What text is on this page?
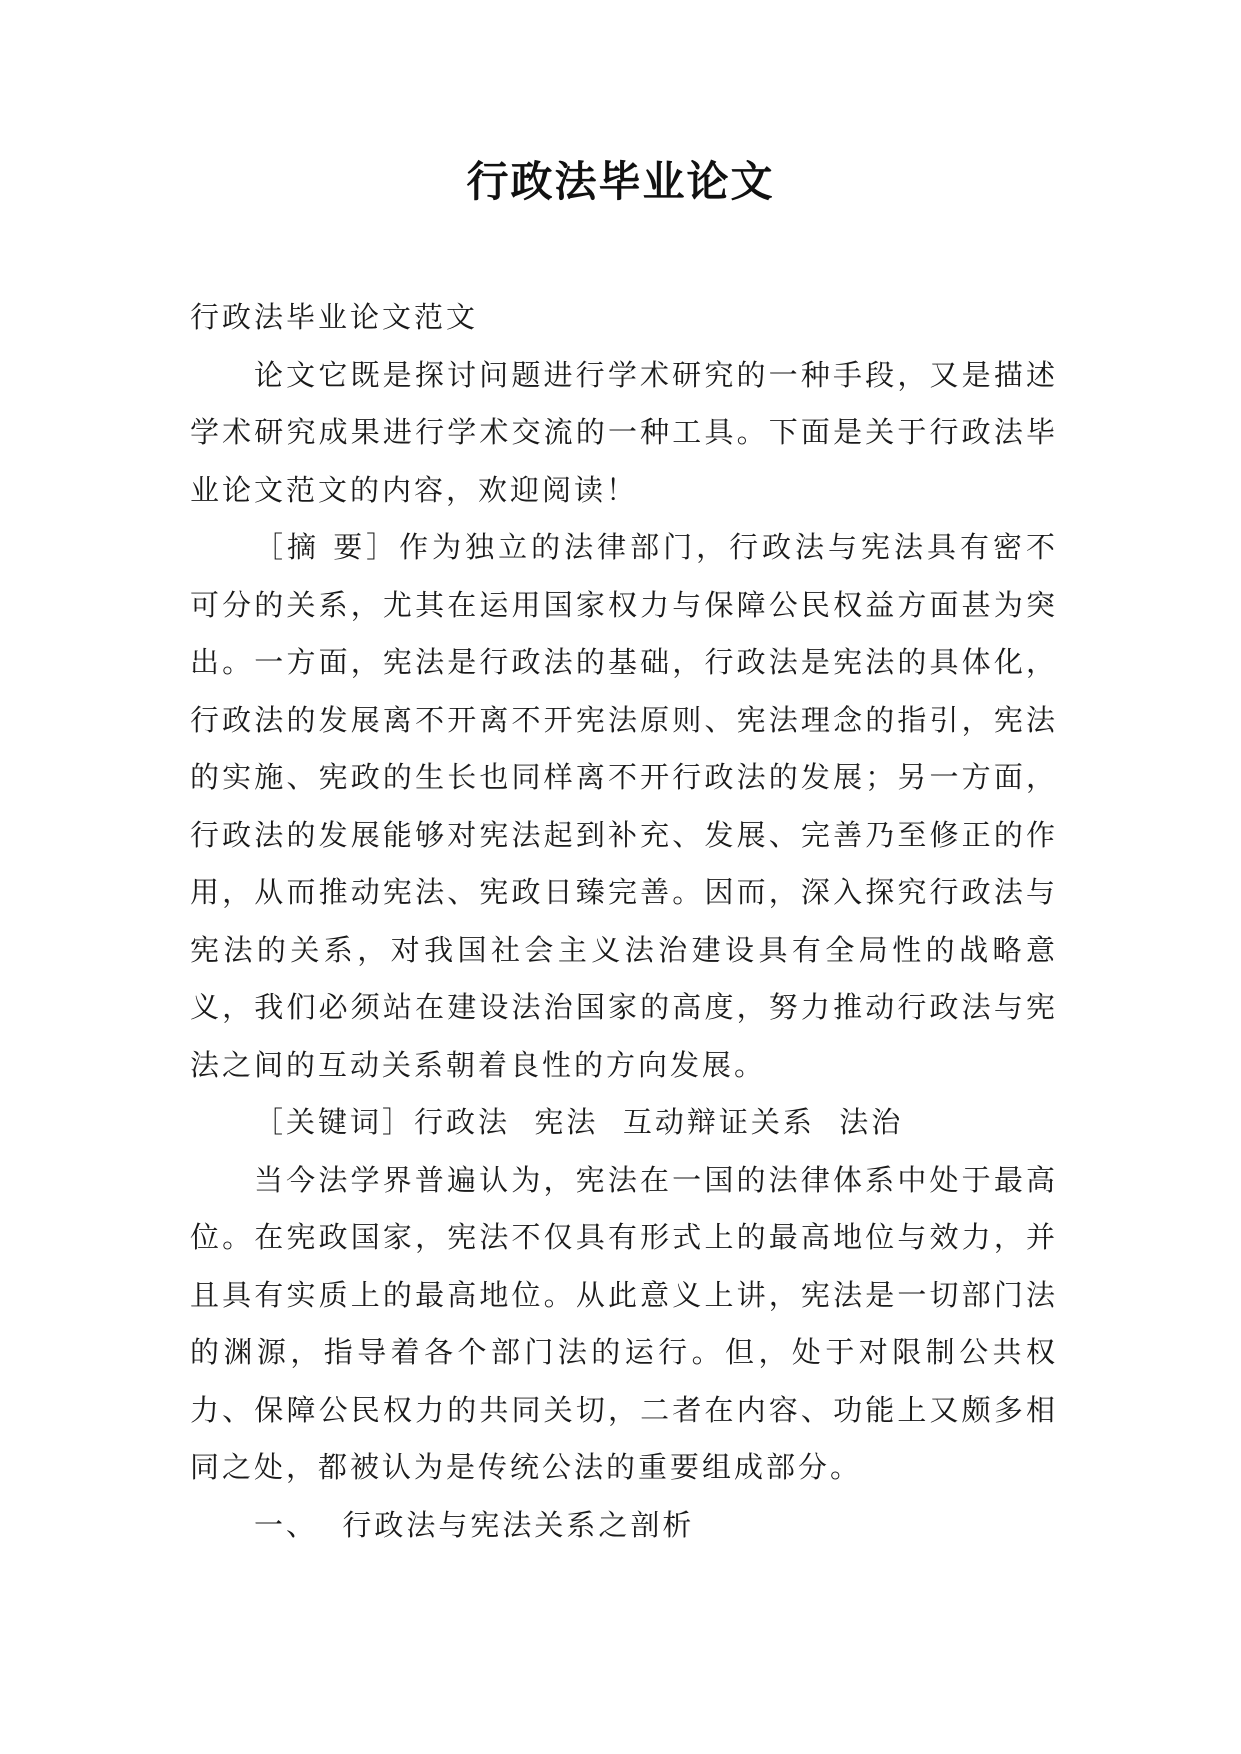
行政法毕业论文

行政法毕业论文范文

论文它既是探讨问题进行学术研究的一种手段，又是描述学术研究成果进行学术交流的一种工具。下面是关于行政法毕业论文范文的内容，欢迎阅读！

［摘 要］作为独立的法律部门，行政法与宪法具有密不可分的关系，尤其在运用国家权力与保障公民权益方面甚为突出。一方面，宪法是行政法的基础，行政法是宪法的具体化，行政法的发展离不开离不开宪法原则、宪法理念的指引，宪法的实施、宪政的生长也同样离不开行政法的发展；另一方面，行政法的发展能够对宪法起到补充、发展、完善乃至修正的作用，从而推动宪法、宪政日臻完善。因而，深入探究行政法与宪法的关系，对我国社会主义法治建设具有全局性的战略意义，我们必须站在建设法治国家的高度，努力推动行政法与宪法之间的互动关系朝着良性的方向发展。

［关键词］行政法  宪法  互动辩证关系  法治

当今法学界普遍认为，宪法在一国的法律体系中处于最高位。在宪政国家，宪法不仅具有形式上的最高地位与效力，并且具有实质上的最高地位。从此意义上讲，宪法是一切部门法的渊源，指导着各个部门法的运行。但，处于对限制公共权力、保障公民权力的共同关切，二者在内容、功能上又颇多相同之处，都被认为是传统公法的重要组成部分。

一、  行政法与宪法关系之剖析
